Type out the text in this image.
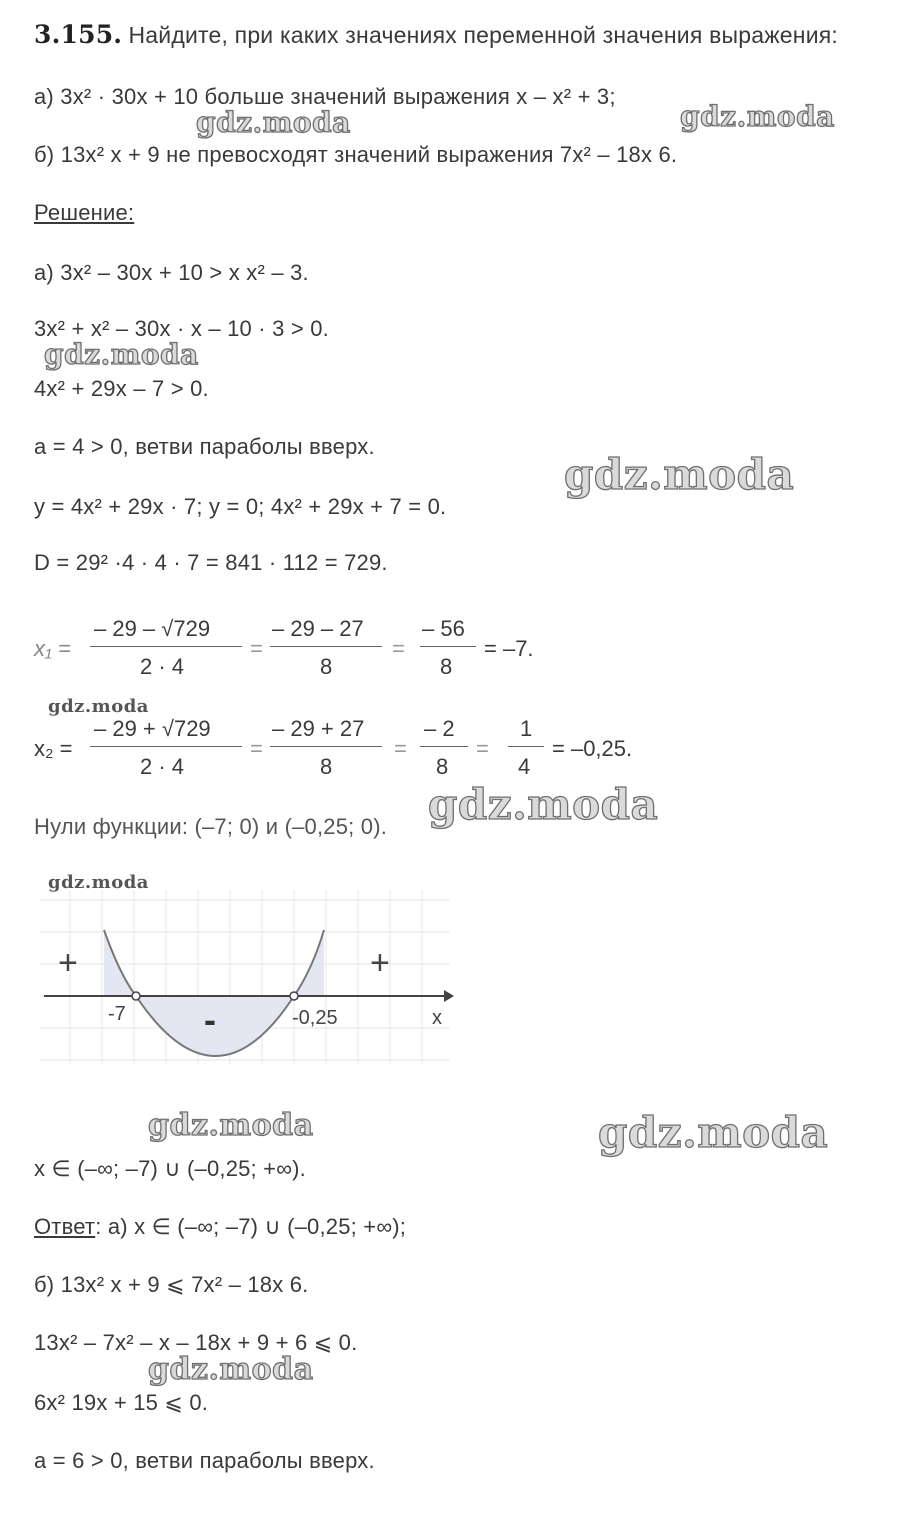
3.155. Найдите, при каких значениях переменной значения выражения:
а) 3x² · 30x + 10 больше значений выражения x – x² + 3;
б) 13x² x + 9 не превосходят значений выражения 7x² – 18x 6.
Решение:
а) 3x² – 30x + 10 > x x² – 3.
3x² + x² – 30x · x – 10 · 3 > 0.
4x² + 29x – 7 > 0.
a = 4 > 0, ветви параболы вверх.
y = 4x² + 29x · 7; y = 0; 4x² + 29x + 7 = 0.
D = 29² ·4 · 4 · 7 = 841 · 112 = 729.
x₁ =
– 29 – √729
2 · 4
=
– 29 – 27
8
=
– 56
8
= –7.
x₂ =
– 29 + √729
2 · 4
=
– 29 + 27
8
=
– 2
8
=
1
4
= –0,25.
Нули функции: (–7; 0) и (–0,25; 0).
+	+
-
-7	-0,25	x
x ∈ (–∞; –7) ∪ (–0,25; +∞).
Ответ: а) x ∈ (–∞; –7) ∪ (–0,25; +∞);
б) 13x² x + 9 ⩽ 7x² – 18x 6.
13x² – 7x² – x – 18x + 9 + 6 ⩽ 0.
6x² 19x + 15 ⩽ 0.
a = 6 > 0, ветви параболы вверх.
gdz.moda	gdz.moda
gdz.moda
gdz.moda
gdz.moda
gdz.moda
gdz.moda
gdz.moda	gdz.moda
gdz.moda
